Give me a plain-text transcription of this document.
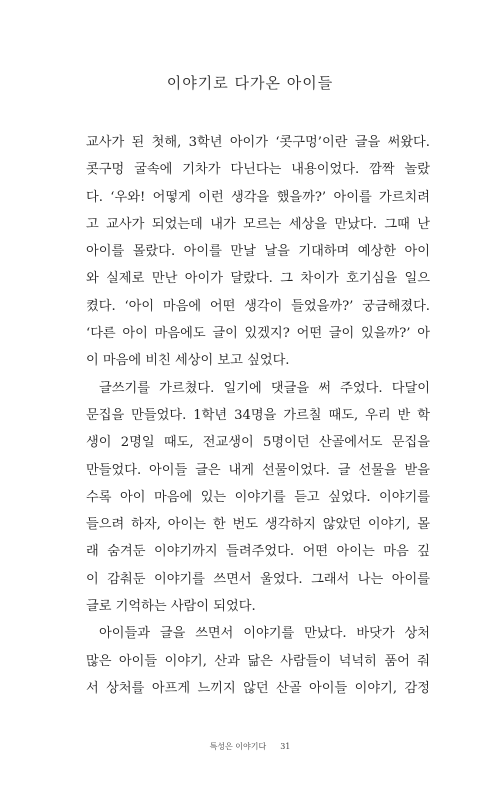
이야기로 다가온 아이들
교사가 된 첫해, 3학년 아이가 ‘콧구멍’이란 글을 써왔다.
콧구멍 굴속에 기차가 다닌다는 내용이었다. 깜짝 놀랐
다. ‘우와! 어떻게 이런 생각을 했을까?’ 아이를 가르치려
고 교사가 되었는데 내가 모르는 세상을 만났다. 그때 난
아이를 몰랐다. 아이를 만날 날을 기대하며 예상한 아이
와 실제로 만난 아이가 달랐다. 그 차이가 호기심을 일으
켰다. ‘아이 마음에 어떤 생각이 들었을까?’ 궁금해졌다.
‘다른 아이 마음에도 글이 있겠지? 어떤 글이 있을까?’ 아
이 마음에 비친 세상이 보고 싶었다.
글쓰기를 가르쳤다. 일기에 댓글을 써 주었다. 다달이
문집을 만들었다. 1학년 34명을 가르칠 때도, 우리 반 학
생이 2명일 때도, 전교생이 5명이던 산골에서도 문집을
만들었다. 아이들 글은 내게 선물이었다. 글 선물을 받을
수록 아이 마음에 있는 이야기를 듣고 싶었다. 이야기를
들으려 하자, 아이는 한 번도 생각하지 않았던 이야기, 몰
래 숨겨둔 이야기까지 들려주었다. 어떤 아이는 마음 깊
이 감춰둔 이야기를 쓰면서 울었다. 그래서 나는 아이를
글로 기억하는 사람이 되었다.
아이들과 글을 쓰면서 이야기를 만났다. 바닷가 상처
많은 아이들 이야기, 산과 닮은 사람들이 넉넉히 품어 줘
서 상처를 아프게 느끼지 않던 산골 아이들 이야기, 감정
특성은 이야기다 31
